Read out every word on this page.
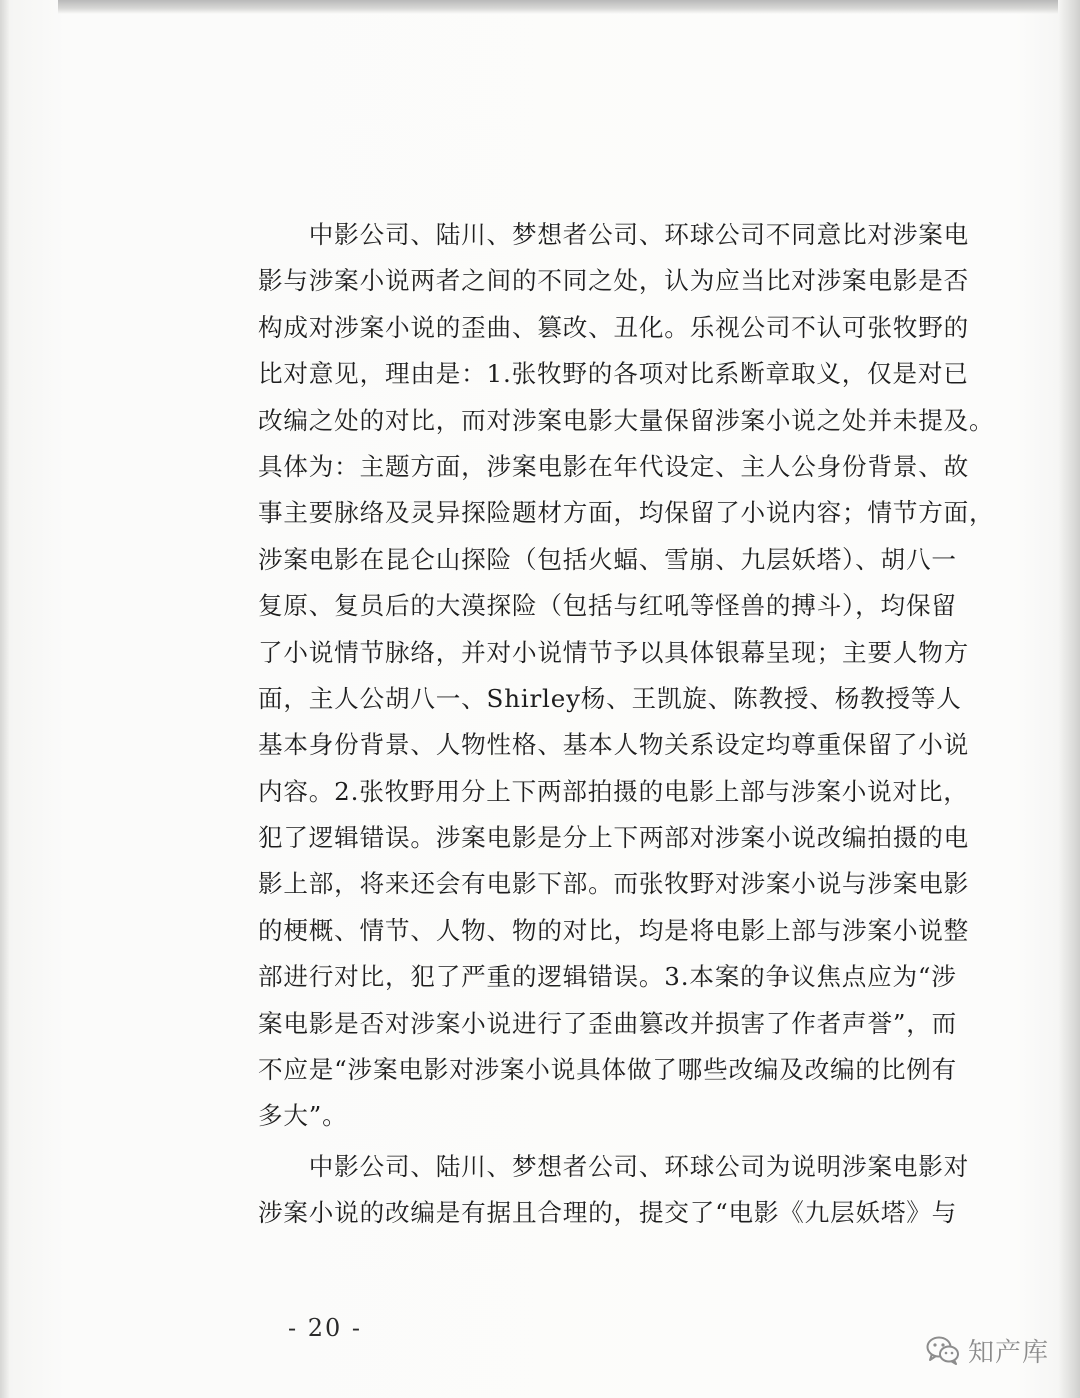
　　中影公司、陆川、梦想者公司、环球公司不同意比对涉案电
影与涉案小说两者之间的不同之处，认为应当比对涉案电影是否
构成对涉案小说的歪曲、篡改、丑化。乐视公司不认可张牧野的
比对意见，理由是：1.张牧野的各项对比系断章取义，仅是对已
改编之处的对比，而对涉案电影大量保留涉案小说之处并未提及。
具体为：主题方面，涉案电影在年代设定、主人公身份背景、故
事主要脉络及灵异探险题材方面，均保留了小说内容；情节方面，
涉案电影在昆仑山探险（包括火蝠、雪崩、九层妖塔）、胡八一
复原、复员后的大漠探险（包括与红吼等怪兽的搏斗），均保留
了小说情节脉络，并对小说情节予以具体银幕呈现；主要人物方
面，主人公胡八一、Shirley杨、王凯旋、陈教授、杨教授等人
基本身份背景、人物性格、基本人物关系设定均尊重保留了小说
内容。2.张牧野用分上下两部拍摄的电影上部与涉案小说对比，
犯了逻辑错误。涉案电影是分上下两部对涉案小说改编拍摄的电
影上部，将来还会有电影下部。而张牧野对涉案小说与涉案电影
的梗概、情节、人物、物的对比，均是将电影上部与涉案小说整
部进行对比，犯了严重的逻辑错误。3.本案的争议焦点应为“涉
案电影是否对涉案小说进行了歪曲篡改并损害了作者声誉”，而
不应是“涉案电影对涉案小说具体做了哪些改编及改编的比例有
多大”。
　　中影公司、陆川、梦想者公司、环球公司为说明涉案电影对
涉案小说的改编是有据且合理的，提交了“电影《九层妖塔》与
- 20 -
知产库
